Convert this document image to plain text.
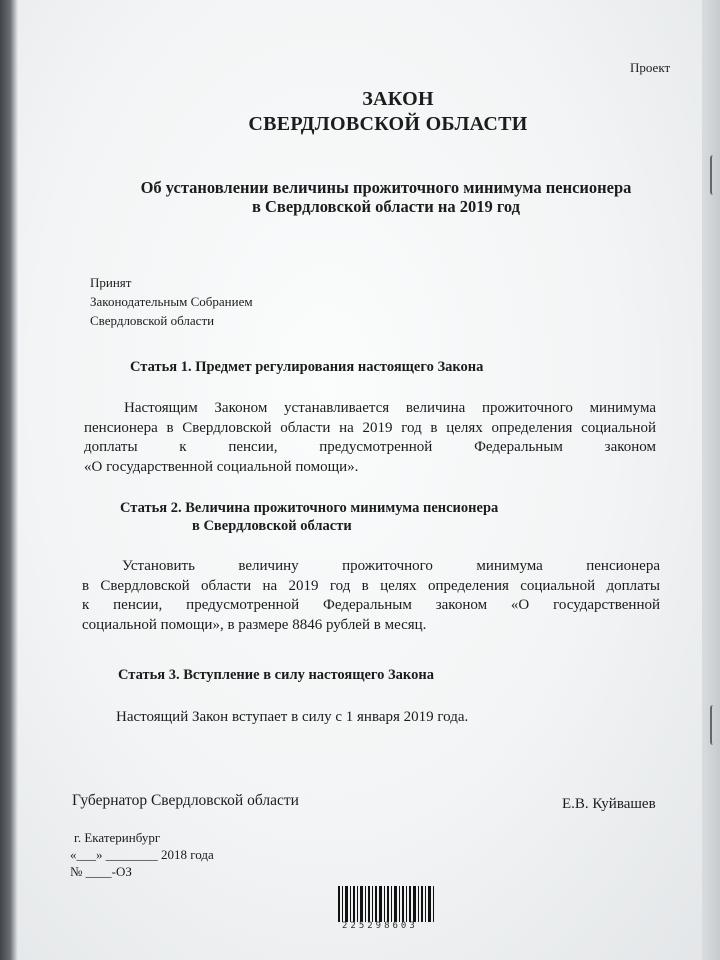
Проект
ЗАКОН
СВЕРДЛОВСКОЙ ОБЛАСТИ
Об установлении величины прожиточного минимума пенсионера
в Свердловской области на 2019 год
Принят
Законодательным Собранием
Свердловской области
Статья 1. Предмет регулирования настоящего Закона
Настоящим Законом устанавливается величина прожиточного минимума
пенсионера в Свердловской области на 2019 год в целях определения социальной
доплаты к пенсии, предусмотренной Федеральным законом
«О государственной социальной помощи».
Статья 2. Величина прожиточного минимума пенсионера
в Свердловской области
Установить величину прожиточного минимума пенсионера
в Свердловской области на 2019 год в целях определения социальной доплаты
к пенсии, предусмотренной Федеральным законом «О государственной
социальной помощи», в размере 8846 рублей в месяц.
Статья 3. Вступление в силу настоящего Закона
Настоящий Закон вступает в силу с 1 января 2019 года.
Губернатор Свердловской области	Е.В. Куйвашев
г. Екатеринбург
«___» ________ 2018 года
№ ____-ОЗ
225298603
